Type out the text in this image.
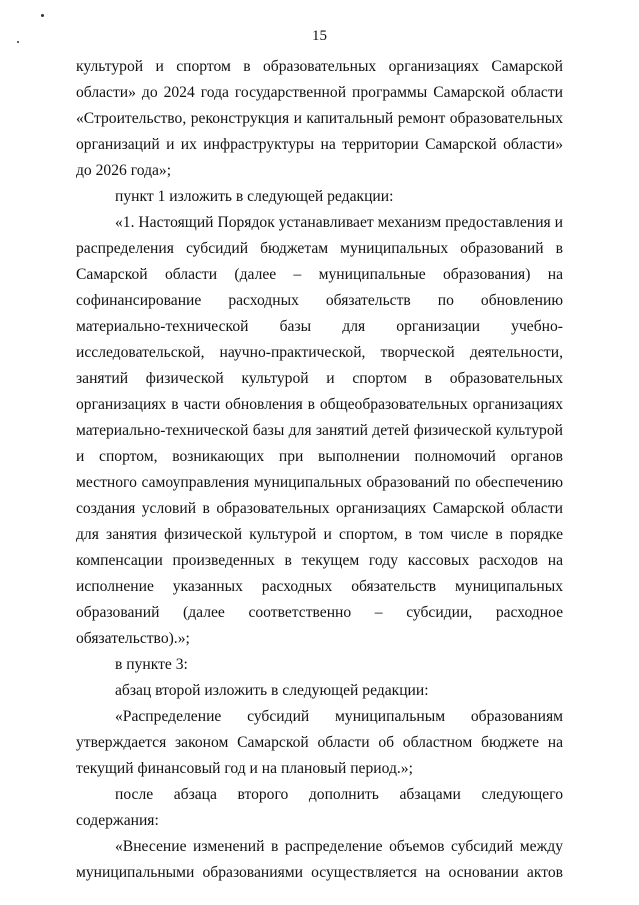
15

культурой и спортом в образовательных организациях Самарской области» до 2024 года государственной программы Самарской области «Строительство, реконструкция и капитальный ремонт образовательных организаций и их инфраструктуры на территории Самарской области» до 2026 года»;

пункт 1 изложить в следующей редакции:

«1. Настоящий Порядок устанавливает механизм предоставления и распределения субсидий бюджетам муниципальных образований в Самарской области (далее – муниципальные образования) на софинансирование расходных обязательств по обновлению материально-технической базы для организации учебно-исследовательской, научно-практической, творческой деятельности, занятий физической культурой и спортом в образовательных организациях в части обновления в общеобразовательных организациях материально-технической базы для занятий детей физической культурой и спортом, возникающих при выполнении полномочий органов местного самоуправления муниципальных образований по обеспечению создания условий в образовательных организациях Самарской области для занятия физической культурой и спортом, в том числе в порядке компенсации произведенных в текущем году кассовых расходов на исполнение указанных расходных обязательств муниципальных образований (далее соответственно – субсидии, расходное обязательство).»;

в пункте 3:

абзац второй изложить в следующей редакции:

«Распределение субсидий муниципальным образованиям утверждается законом Самарской области об областном бюджете на текущий финансовый год и на плановый период.»;

после абзаца второго дополнить абзацами следующего содержания:

«Внесение изменений в распределение объемов субсидий между муниципальными образованиями осуществляется на основании актов
